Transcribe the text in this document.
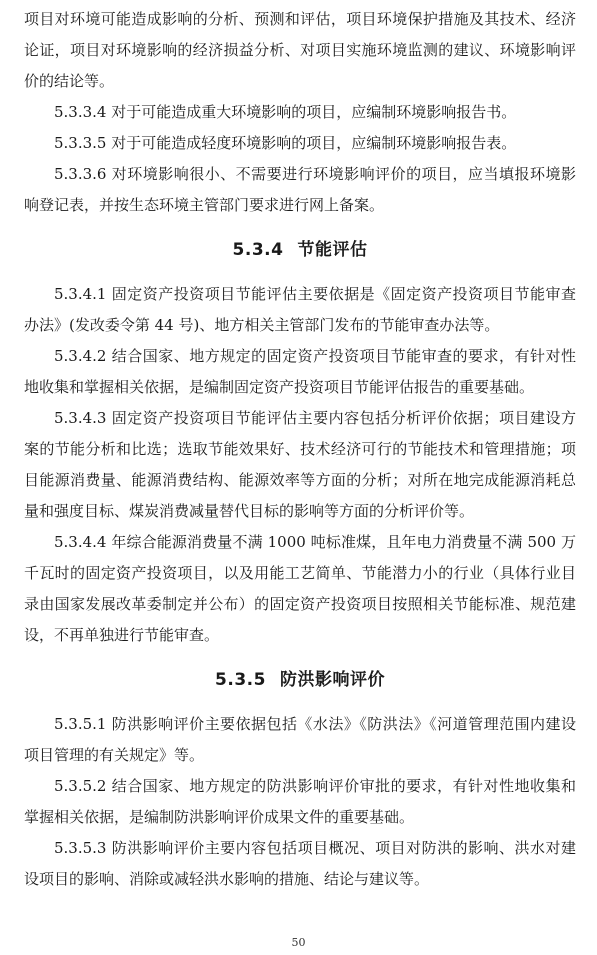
项目对环境可能造成影响的分析、预测和评估，项目环境保护措施及其技术、经济论证，项目对环境影响的经济损益分析、对项目实施环境监测的建议、环境影响评价的结论等。

5.3.3.4 对于可能造成重大环境影响的项目，应编制环境影响报告书。

5.3.3.5 对于可能造成轻度环境影响的项目，应编制环境影响报告表。

5.3.3.6 对环境影响很小、不需要进行环境影响评价的项目，应当填报环境影响登记表，并按生态环境主管部门要求进行网上备案。

5.3.4 节能评估

5.3.4.1 固定资产投资项目节能评估主要依据是《固定资产投资项目节能审查办法》(发改委令第 44 号)、地方相关主管部门发布的节能审查办法等。

5.3.4.2 结合国家、地方规定的固定资产投资项目节能审查的要求，有针对性地收集和掌握相关依据，是编制固定资产投资项目节能评估报告的重要基础。

5.3.4.3 固定资产投资项目节能评估主要内容包括分析评价依据；项目建设方案的节能分析和比选；选取节能效果好、技术经济可行的节能技术和管理措施；项目能源消费量、能源消费结构、能源效率等方面的分析；对所在地完成能源消耗总量和强度目标、煤炭消费减量替代目标的影响等方面的分析评价等。

5.3.4.4 年综合能源消费量不满 1000 吨标准煤，且年电力消费量不满 500 万千瓦时的固定资产投资项目，以及用能工艺简单、节能潜力小的行业（具体行业目录由国家发展改革委制定并公布）的固定资产投资项目按照相关节能标准、规范建设，不再单独进行节能审查。

5.3.5 防洪影响评价

5.3.5.1 防洪影响评价主要依据包括《水法》《防洪法》《河道管理范围内建设项目管理的有关规定》等。

5.3.5.2 结合国家、地方规定的防洪影响评价审批的要求，有针对性地收集和掌握相关依据，是编制防洪影响评价成果文件的重要基础。

5.3.5.3 防洪影响评价主要内容包括项目概况、项目对防洪的影响、洪水对建设项目的影响、消除或减轻洪水影响的措施、结论与建议等。

50
